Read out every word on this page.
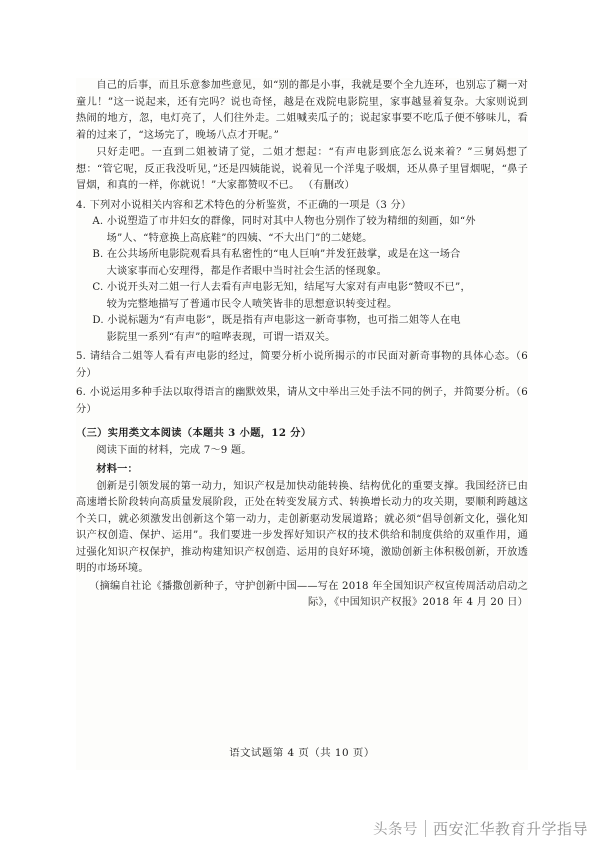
自己的后事，而且乐意参加些意见，如“别的都是小事，我就是要个全九连环，也别忘了糊一对童儿！”这一说起来，还有完吗？说也奇怪，越是在戏院电影院里，家事越显着复杂。大家则说到热闹的地方，忽，电灯亮了，人们往外走。二姐喊卖瓜子的；说起家事要不吃瓜子便不够味儿，看着的过来了，“这场完了，晚场八点才开呢。”
只好走吧。一直到二姐被请了觉，二姐才想起：“有声电影到底怎么说来着？”三舅妈想了想：“管它呢，反正我没听见，”还是四姨能说，说着见一个洋鬼子吸烟，还从鼻子里冒烟呢，“鼻子冒烟，和真的一样，你就说！”大家都赞叹不已。 （有删改）
4. 下列对小说相关内容和艺术特色的分析鉴赏，不正确的一项是（3 分）
A. 小说塑造了市井妇女的群像，同时对其中人物也分别作了较为精细的刻画，如“外
场”人、“特意换上高底鞋”的四姨、“不大出门”的二姥姥。
B. 在公共场所电影院观看具有私密性的“电人巨响”并发狂鼓掌，或是在这一场合
大谈家事而心安理得，都是作者眼中当时社会生活的怪现象。
C. 小说开头对二姐一行人去看有声电影无知，结尾写大家对有声电影“赞叹不已”，
较为完整地描写了普通市民令人喷笑皆非的思想意识转变过程。
D. 小说标题为“有声电影”，既是指有声电影这一新奇事物，也可指二姐等人在电
影院里一系列“有声”的喧哗表现，可谓一语双关。
5. 请结合二姐等人看有声电影的经过，简要分析小说所揭示的市民面对新奇事物的具体心态。（6 分）
6. 小说运用多种手法以取得语言的幽默效果，请从文中举出三处手法不同的例子，并简要分析。（6 分）
（三）实用类文本阅读（本题共 3 小题，12 分）
阅读下面的材料，完成 7～9 题。
材料一：
创新是引领发展的第一动力，知识产权是加快动能转换、结构优化的重要支撑。我国经济已由高速增长阶段转向高质量发展阶段，正处在转变发展方式、转换增长动力的攻关期，要顺利跨越这个关口，就必须激发出创新这个第一动力，走创新驱动发展道路；就必须“倡导创新文化，强化知识产权创造、保护、运用”。我们要进一步发挥好知识产权的技术供给和制度供给的双重作用，通过强化知识产权保护，推动构建知识产权创造、运用的良好环境，激励创新主体积极创新，开放透明的市场环境。
（摘编自社论《播撒创新种子，守护创新中国——写在 2018 年全国知识产权宣传周活动启动之际》，《中国知识产权报》2018 年 4 月 20 日）
语文试题第 4 页（共 10 页）
头条号 西安汇华教育升学指导
